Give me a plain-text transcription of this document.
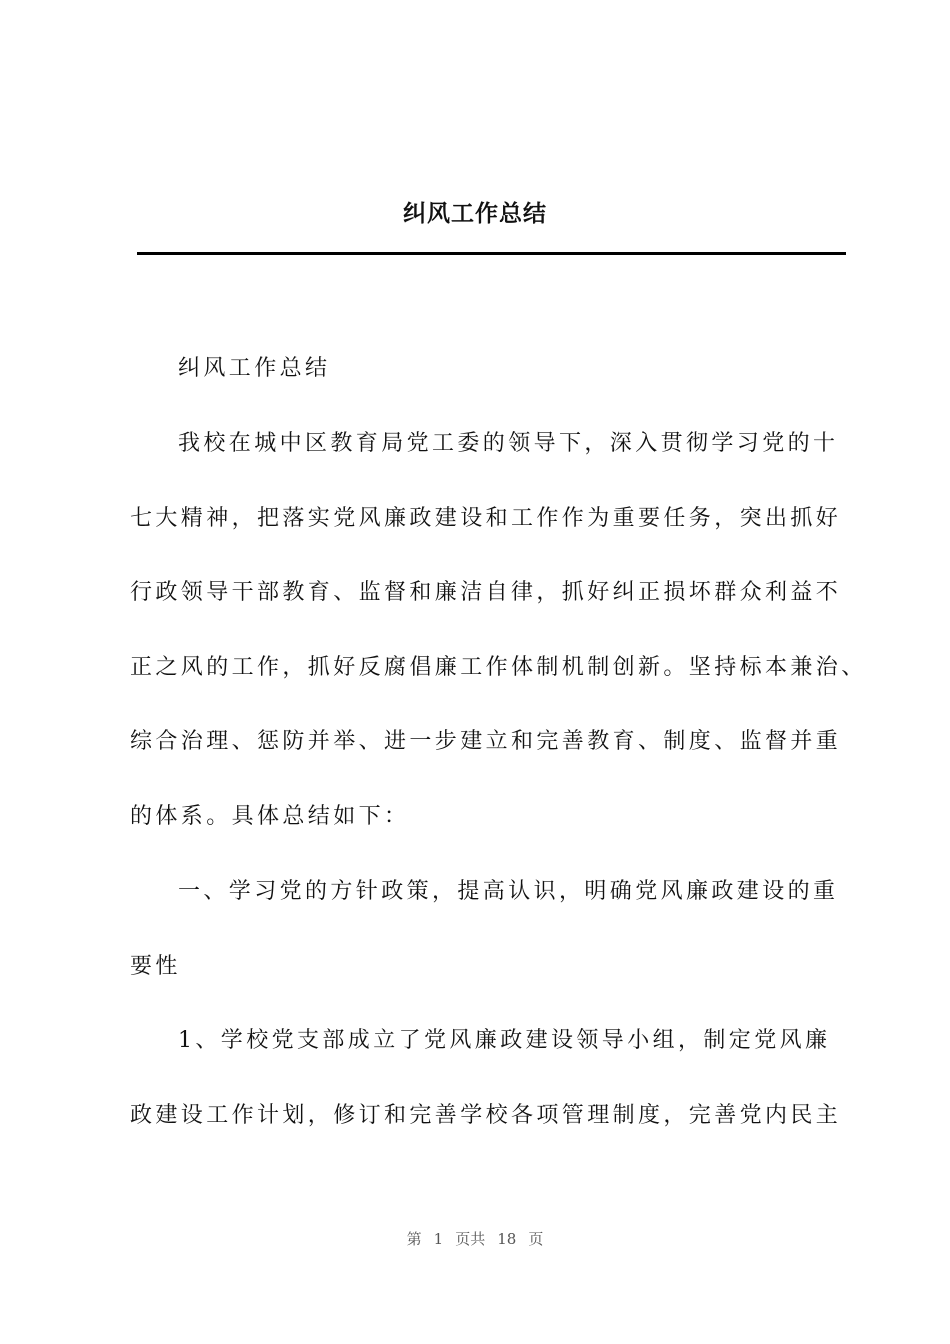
纠风工作总结
纠风工作总结
我校在城中区教育局党工委的领导下，深入贯彻学习党的十
七大精神，把落实党风廉政建设和工作作为重要任务，突出抓好
行政领导干部教育、监督和廉洁自律，抓好纠正损坏群众利益不
正之风的工作，抓好反腐倡廉工作体制机制创新。坚持标本兼治、
综合治理、惩防并举、进一步建立和完善教育、制度、监督并重
的体系。具体总结如下：
一、学习党的方针政策，提高认识，明确党风廉政建设的重
要性
1、学校党支部成立了党风廉政建设领导小组，制定党风廉
政建设工作计划，修订和完善学校各项管理制度，完善党内民主
第 1 页共 18 页
